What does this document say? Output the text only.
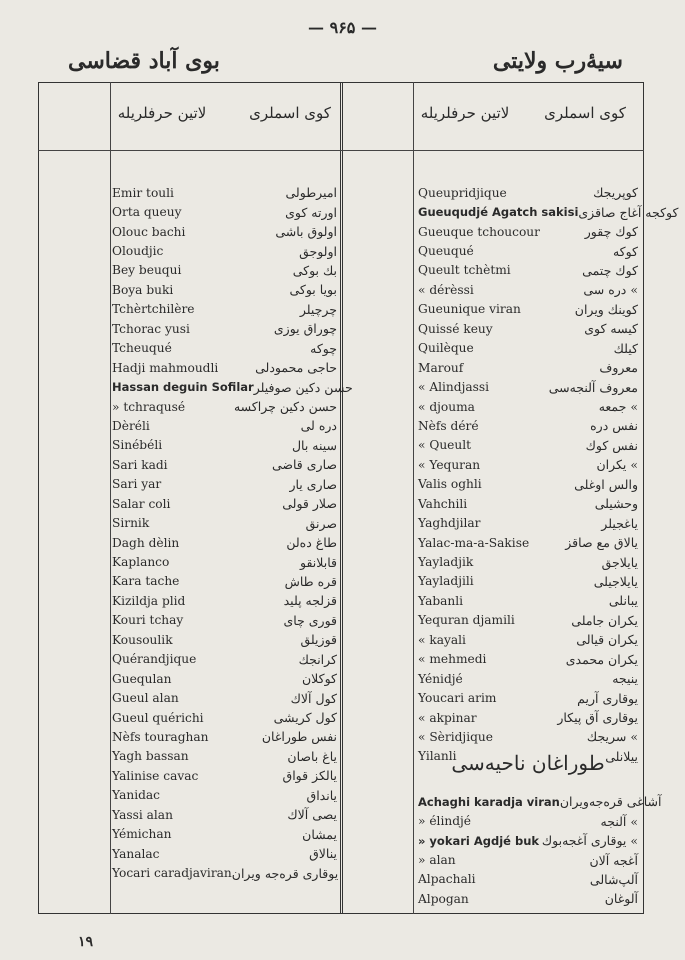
— ۹۶۵ —
بوی آباد قضاسی	سیۀرب ولایتی
لاتین حرفلریله	کوی اسملری	لاتین حرفلریله	کوی اسملری
Emir touli	امیرطولی
Orta queuy	اورته کوی
Olouc bachi	اولوق باشی
Oloudjic	اولوجق
Bey beuqui	بك بوكی
Boya buki	بویا بوکی
Tchèrtchilère	چرچیلر
Tchorac yusi	چوراق یوزی
Tcheuqué	چوکه
Hadji mahmoudli	حاجی محمودلی
Hassan deguin Sofilar حسن دکین صوفیلر
» tchraqusé	حسن دکین چراکسه
Dèréli	دره لی
Sinébéli	سینه بال
Sari kadi	صاری قاضی
Sari yar	صاری یار
Salar coli	صلار قولی
Sirnik	صرنق
Dagh dèlin	طاغ دەلن
Kaplanco	قابلانقو
Kara tache	قره طاش
Kizildja plid	قزلجه پلید
Kouri tchay	قوری چای
Kousoulik	قوزیلق
Quérandjique	کرانجك
Guequlan	کوکلان
Gueul alan	کول آلاك
Gueul quérichi	کول کریشی
Nèfs touraghan	نفس طوراغان
Yagh bassan	یاغ باصان
Yalinise cavac	یالکز قواق
Yanidac	یانداق
Yassi alan	یصی آلاك
Yémichan	یمشان
Yanalac	ینالاق
Yocari caradjaviran یوقاری قره‌جه ویران
Queupridjique	کوپریجك
Gueuqudjé Agatch sakisi کوکجه آغاج صاقزی
Gueuque tchoucour	کوك چقور
Queuqué	کوکه
Queult tchètmi	کوك چتمی
« dérèssi	» دره سی
Gueunique viran	کوینك ویران
Quissé keuy	کیسه کوی
Quilèque	کیلك
Marouf	معروف
« Alindjassi	معروف آلنجه‌سی
« djouma	» جمعه
Nèfs déré	نفس دره
« Queult	نفس کوك
« Yequran	» یکران
Valis oghli	والس اوغلی
Vahchili	وحشیلی
Yaghdjilar	یاغجیلر
Yalac-ma-a-Sakise	یالاق مع صاقز
Yayladjik	یایلاجق
Yayladjili	یایلاجیلی
Yabanli	یبانلی
Yequran djamili	یکران جاملی
« kayali	یکران قیالی
« mehmedi	یکران محمدی
Yénidjé	ینیجه
Youcari arim	یوقاری آریم
« akpinar	یوقاری آق پیکار
« Sèridjique	» سریجك
Yilanli	ییلانلی
طوراغان ناحیه‌سی
Achaghi karadja viran آشاغی قره‌جه‌ویران
» élindjé	» آلنجه
» yokari Agdjé buk » یوقاری آغجه‌بوك
» alan	آغجه آلان
Alpachali	آلپ‌شالی
Alpogan	آلوغان
۱۹
